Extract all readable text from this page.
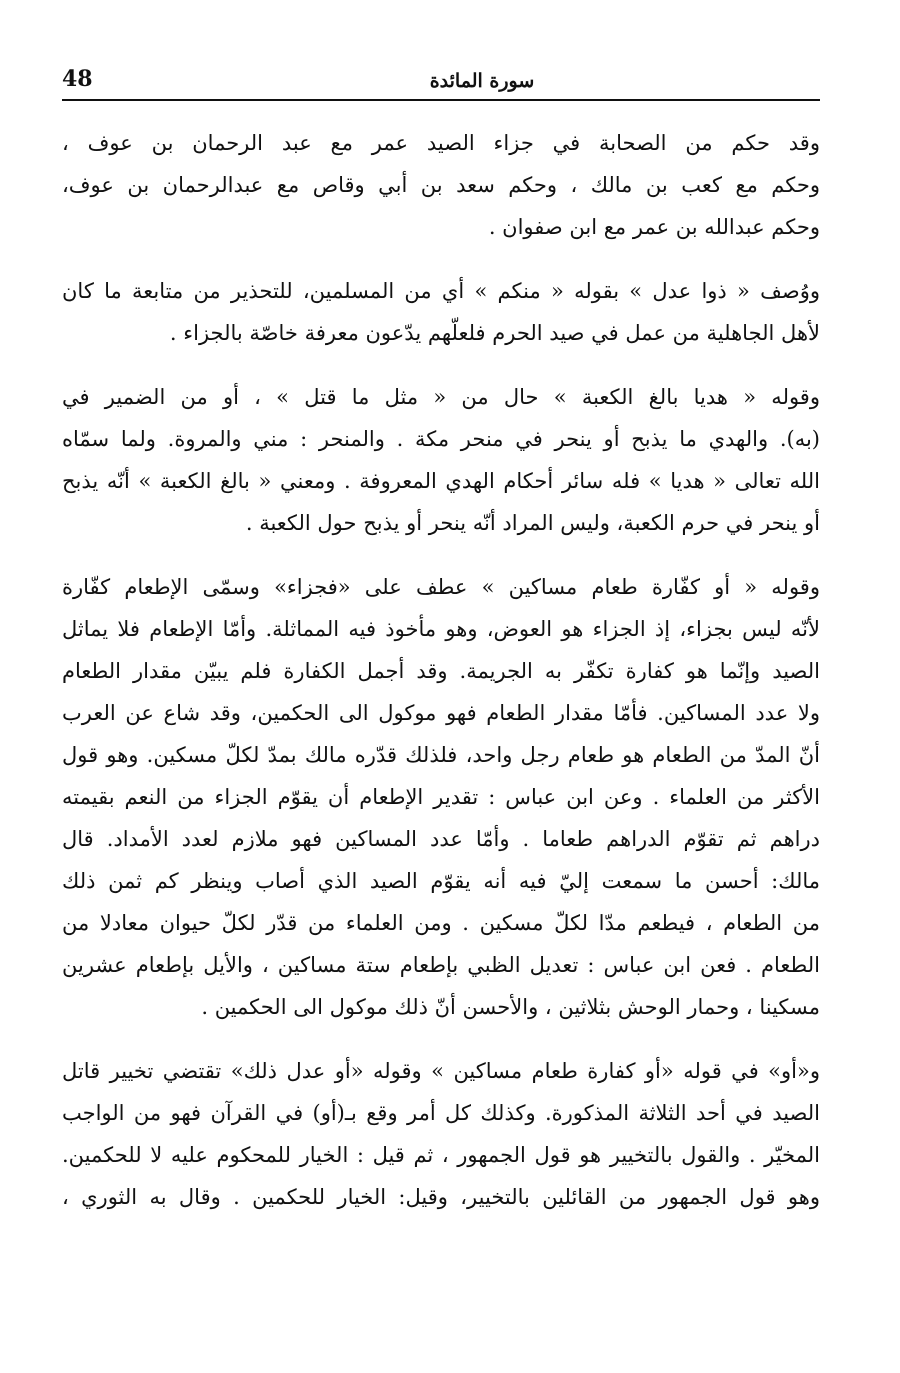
48	سورة المائدة
وقد حكم من الصحابة في جزاء الصيد عمر مع عبد الرحمان بن عوف ،
وحكم مع كعب بن مالك ، وحكم سعد بن أبي وقاص مع عبدالرحمان بن عوف،
وحكم عبدالله بن عمر مع ابن صفوان .
ووُصف « ذوا عدل » بقوله « منكم » أي من المسلمين، للتحذير من متابعة ما كان
لأهل الجاهلية من عمل في صيد الحرم فلعلّهم يدّعون معرفة خاصّة بالجزاء .
وقوله « هديا بالغ الكعبة » حال من « مثل ما قتل » ، أو من الضمير في
(به). والهدي ما يذبح أو ينحر في منحر مكة . والمنحر : مني والمروة. ولما سمّاه
الله تعالى « هديا » فله سائر أحكام الهدي المعروفة . ومعني « بالغ الكعبة » أنّه يذبح
أو ينحر في حرم الكعبة، وليس المراد أنّه ينحر أو يذبح حول الكعبة .
وقوله « أو كفّارة طعام مساكين » عطف على «فجزاء» وسمّى الإطعام كفّارة
لأنّه ليس بجزاء، إذ الجزاء هو العوض، وهو مأخوذ فيه المماثلة. وأمّا الإطعام فلا يماثل
الصيد وإنّما هو كفارة تكفّر به الجريمة. وقد أجمل الكفارة فلم يبيّن مقدار الطعام
ولا عدد المساكين. فأمّا مقدار الطعام فهو موكول الى الحكمين، وقد شاع عن العرب
أنّ المدّ من الطعام هو طعام رجل واحد، فلذلك قدّره مالك بمدّ لكلّ مسكين. وهو قول
الأكثر من العلماء . وعن ابن عباس : تقدير الإطعام أن يقوّم الجزاء من النعم بقيمته
دراهم ثم تقوّم الدراهم طعاما . وأمّا عدد المساكين فهو ملازم لعدد الأمداد. قال
مالك: أحسن ما سمعت إليّ فيه أنه يقوّم الصيد الذي أصاب وينظر كم ثمن ذلك
من الطعام ، فيطعم مدّا لكلّ مسكين . ومن العلماء من قدّر لكلّ حيوان معادلا من
الطعام . فعن ابن عباس : تعديل الظبي بإطعام ستة مساكين ، والأيل بإطعام عشرين
مسكينا ، وحمار الوحش بثلاثين ، والأحسن أنّ ذلك موكول الى الحكمين .
و«أو» في قوله «أو كفارة طعام مساكين » وقوله «أو عدل ذلك» تقتضي تخيير قاتل
الصيد في أحد الثلاثة المذكورة. وكذلك كل أمر وقع بـ(أو) في القرآن فهو من الواجب
المخيّر . والقول بالتخيير هو قول الجمهور ، ثم قيل : الخيار للمحكوم عليه لا للحكمين.
وهو قول الجمهور من القائلين بالتخيير، وقيل: الخيار للحكمين . وقال به الثوري ،
